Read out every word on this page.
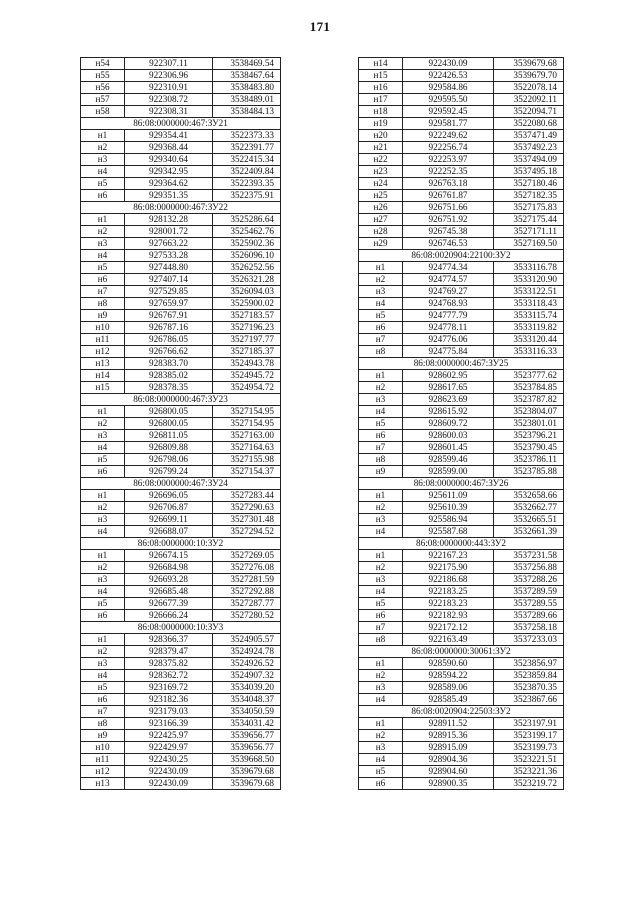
171
н54	922307.11	3538469.54
н55	922306.96	3538467.64
н56	922310.91	3538483.80
н57	922308.72	3538489.01
н58	922308.31	3538484.13
86:08:0000000:467:ЗУ21		
н1	929354.41	3522373.33
н2	929368.44	3522391.77
н3	929340.64	3522415.34
н4	929342.95	3522409.84
н5	929364.62	3522393.35
н6	929351.35	3522375.91
86:08:0000000:467:ЗУ22		
н1	928132.28	3525286.64
н2	928001.72	3525462.76
н3	927663.22	3525902.36
н4	927533.28	3526096.10
н5	927448.80	3526252.56
н6	927407.14	3526321.28
н7	927529.85	3526094.03
н8	927659.97	3525900.02
н9	926767.91	3527183.57
н10	926787.16	3527196.23
н11	926786.05	3527197.77
н12	926766.62	3527185.37
н13	928383.70	3524943.78
н14	928385.02	3524945.72
н15	928378.35	3524954.72
86:08:0000000:467:ЗУ23		
н1	926800.05	3527154.95
н2	926800.05	3527154.95
н3	926811.05	3527163.00
н4	926809.88	3527164.63
н5	926798.06	3527155.98
н6	926799.24	3527154.37
86:08:0000000:467:ЗУ24		
н1	926696.05	3527283.44
н2	926706.87	3527290.63
н3	926699.11	3527301.48
н4	926688.07	3527294.52
86:08:0000000:10:ЗУ2		
н1	926674.15	3527269.05
н2	926684.98	3527276.08
н3	926693.28	3527281.59
н4	926685.48	3527292.88
н5	926677.39	3527287.77
н6	926666.24	3527280.52
86:08:0000000:10:ЗУ3		
н1	928366.37	3524905.57
н2	928379.47	3524924.78
н3	928375.82	3524926.52
н4	928362.72	3524907.32
н5	923169.72	3534039.20
н6	923182.36	3534048.37
н7	923179.03	3534050.59
н8	923166.39	3534031.42
н9	922425.97	3539656.77
н10	922429.97	3539656.77
н11	922430.25	3539668.50
н12	922430.09	3539679.68
н13	922430.09	3539679.68
н14	922430.09	3539679.68
н15	922426.53	3539679.70
н16	929584.86	3522078.14
н17	929595.50	3522092.11
н18	929592.45	3522094.71
н19	929581.77	3522080.68
н20	922249.62	3537471.49
н21	922256.74	3537492.23
н22	922253.97	3537494.09
н23	922252.35	3537495.18
н24	926763.18	3527180.46
н25	926761.87	3527182.35
н26	926751.66	3527175.83
н27	926751.92	3527175.44
н28	926745.38	3527171.11
н29	926746.53	3527169.50
86:08:0020904:22100:ЗУ2		
н1	924774.34	3533116.78
н2	924774.57	3533120.90
н3	924769.27	3533122.51
н4	924768.93	3533118.43
н5	924777.79	3533115.74
н6	924778.11	3533119.82
н7	924776.06	3533120.44
н8	924775.84	3533116.33
86:08:0000000:467:ЗУ25		
н1	928602.95	3523777.62
н2	928617.65	3523784.85
н3	928623.69	3523787.82
н4	928615.92	3523804.07
н5	928609.72	3523801.01
н6	928600.03	3523796.21
н7	928601.45	3523790.45
н8	928599.46	3523786.11
н9	928599.00	3523785.88
86:08:0000000:467:ЗУ26		
н1	925611.09	3532658.66
н2	925610.39	3532662.77
н3	925586.94	3532665.51
н4	925587.68	3532661.39
86:08:0000000:443:ЗУ2		
н1	922167.23	3537231.58
н2	922175.90	3537256.88
н3	922186.68	3537288.26
н4	922183.25	3537289.59
н5	922183.23	3537289.55
н6	922182.93	3537289.66
н7	922172.12	3537258.18
н8	922163.49	3537233.03
86:08:0000000:30061:ЗУ2		
н1	928590.60	3523856.97
н2	928594.22	3523859.84
н3	928589.06	3523870.35
н4	928585.49	3523867.66
86:08:0020904:22503:ЗУ2		
н1	928911.52	3523197.91
н2	928915.36	3523199.17
н3	928915.09	3523199.73
н4	928904.36	3523221.51
н5	928904.60	3523221.36
н6	928900.35	3523219.72
